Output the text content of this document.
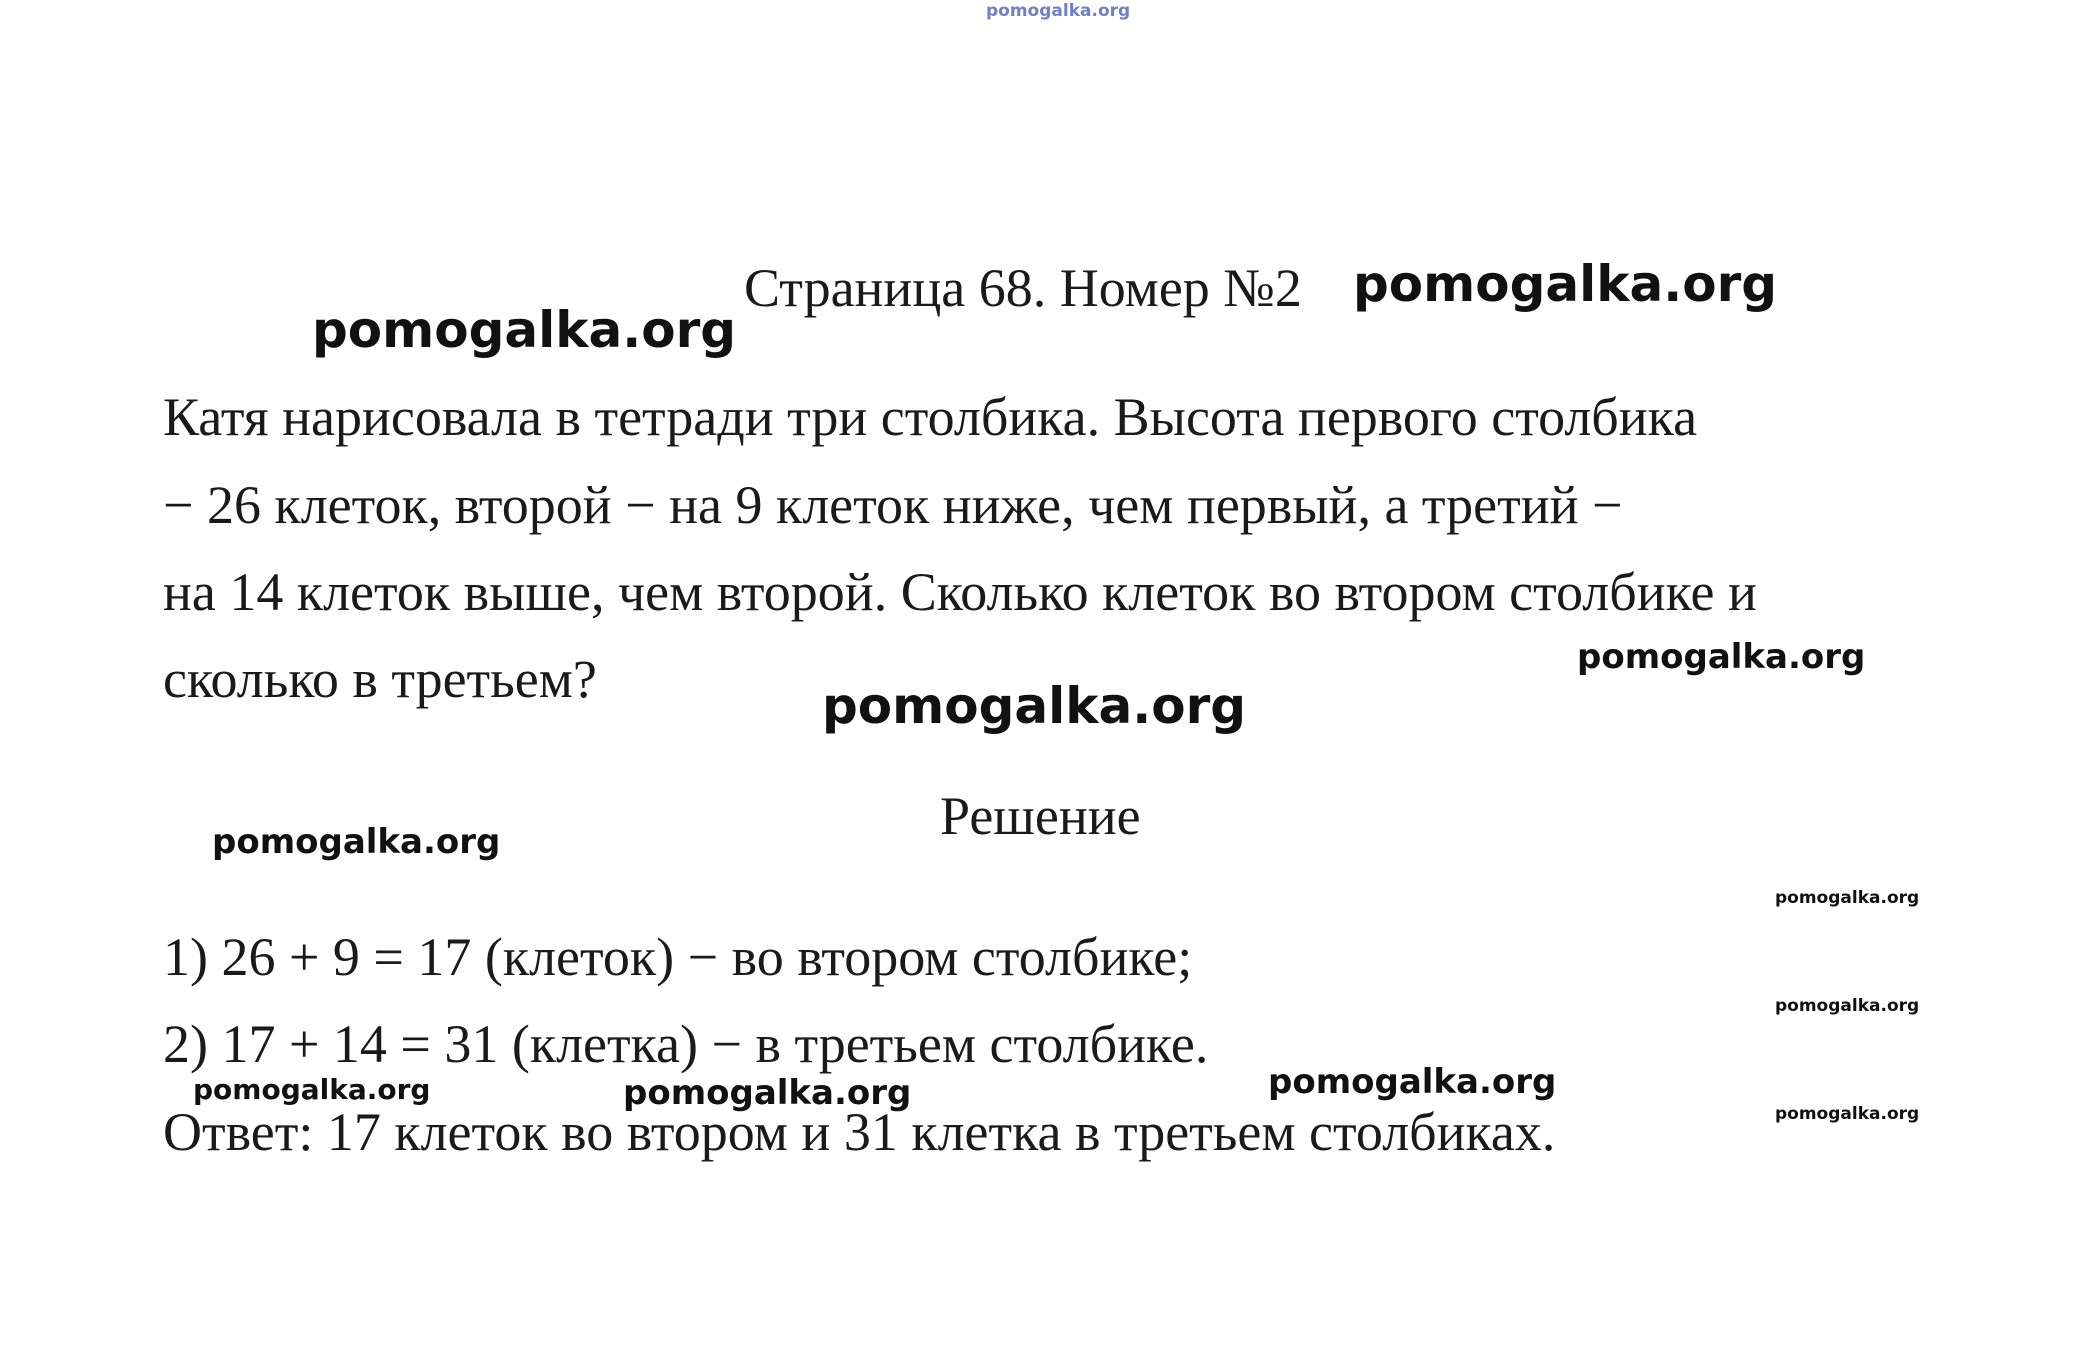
pomogalka.org
Страница 68. Номер №2
Катя нарисовала в тетради три столбика. Высота первого столбика
− 26 клеток, второй − на 9 клеток ниже, чем первый, а третий −
на 14 клеток выше, чем второй. Сколько клеток во втором столбике и
сколько в третьем?
Решение
1) 26 + 9 = 17 (клеток) − во втором столбике;
2) 17 + 14 = 31 (клетка) − в третьем столбике.
Ответ: 17 клеток во втором и 31 клетка в третьем столбиках.
pomogalka.org
pomogalka.org
pomogalka.org
pomogalka.org
pomogalka.org
pomogalka.org
pomogalka.org
pomogalka.org
pomogalka.org	pomogalka.org
pomogalka.org
